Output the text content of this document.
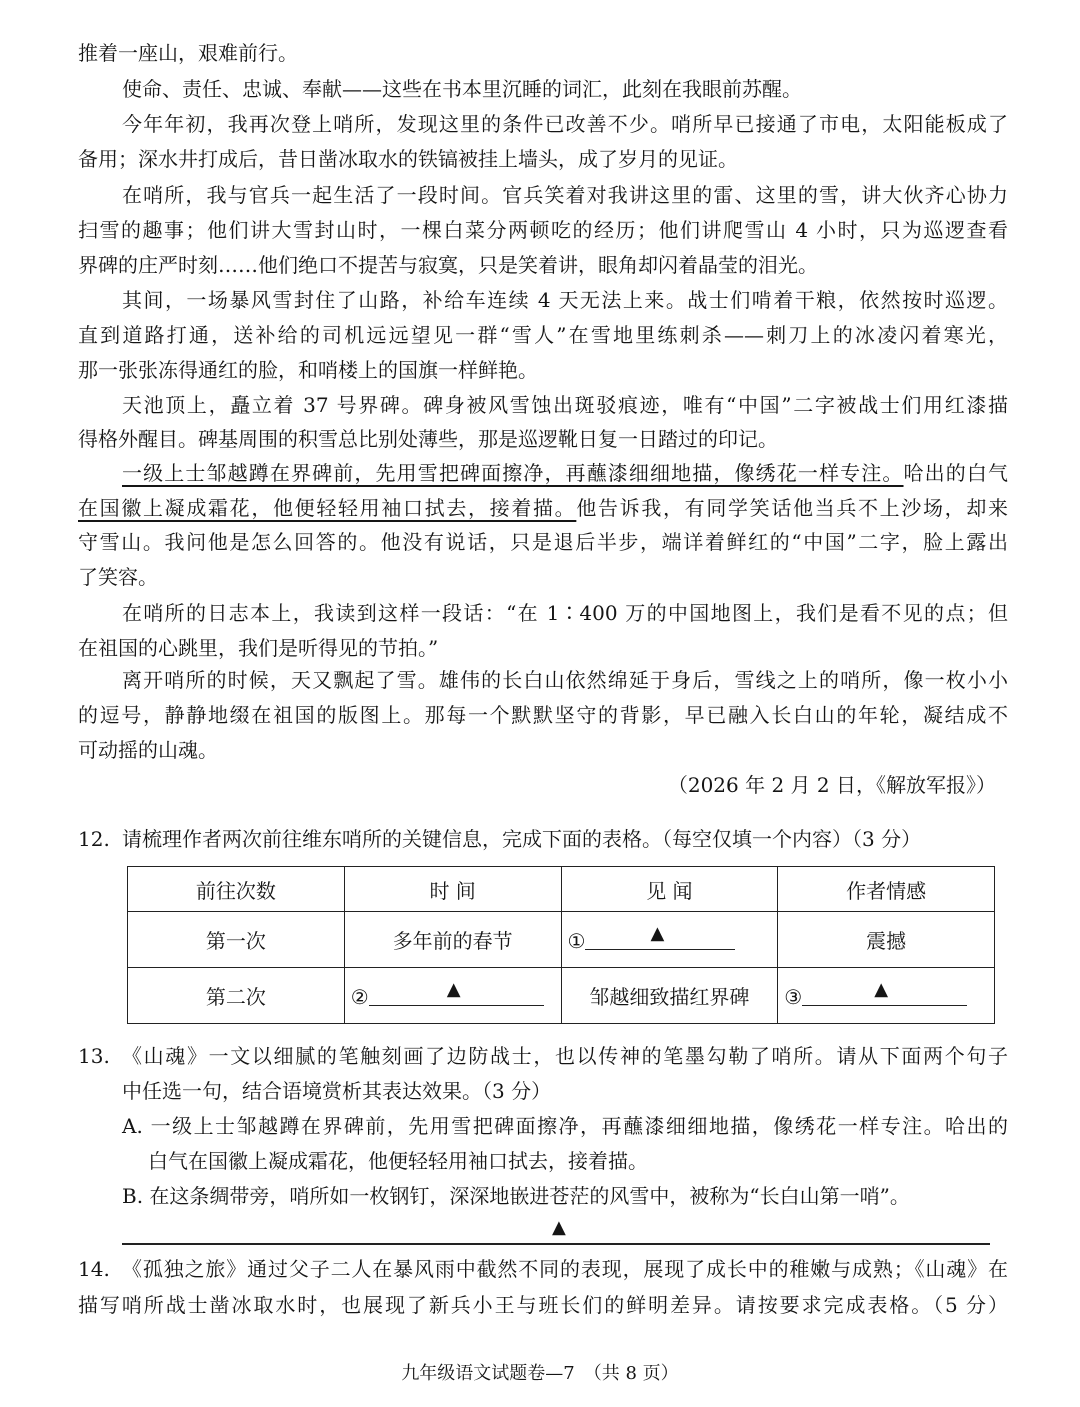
推着一座山，艰难前行。
使命、责任、忠诚、奉献——这些在书本里沉睡的词汇，此刻在我眼前苏醒。
今年年初，我再次登上哨所，发现这里的条件已改善不少。哨所早已接通了市电，太阳能板成了
备用；深水井打成后，昔日凿冰取水的铁镐被挂上墙头，成了岁月的见证。
在哨所，我与官兵一起生活了一段时间。官兵笑着对我讲这里的雷、这里的雪，讲大伙齐心协力
扫雪的趣事；他们讲大雪封山时，一棵白菜分两顿吃的经历；他们讲爬雪山 4 小时，只为巡逻查看
界碑的庄严时刻……他们绝口不提苦与寂寞，只是笑着讲，眼角却闪着晶莹的泪光。
其间，一场暴风雪封住了山路，补给车连续 4 天无法上来。战士们啃着干粮，依然按时巡逻。
直到道路打通，送补给的司机远远望见一群“雪人”在雪地里练刺杀——刺刀上的冰凌闪着寒光，
那一张张冻得通红的脸，和哨楼上的国旗一样鲜艳。
天池顶上，矗立着 37 号界碑。碑身被风雪蚀出斑驳痕迹，唯有“中国”二字被战士们用红漆描
得格外醒目。碑基周围的积雪总比别处薄些，那是巡逻靴日复一日踏过的印记。
一级上士邹越蹲在界碑前，先用雪把碑面擦净，再蘸漆细细地描，像绣花一样专注。哈出的白气
在国徽上凝成霜花，他便轻轻用袖口拭去，接着描。他告诉我，有同学笑话他当兵不上沙场，却来
守雪山。我问他是怎么回答的。他没有说话，只是退后半步，端详着鲜红的“中国”二字，脸上露出
了笑容。
在哨所的日志本上，我读到这样一段话：“在 1∶400 万的中国地图上，我们是看不见的点；但
在祖国的心跳里，我们是听得见的节拍。”
离开哨所的时候，天又飘起了雪。雄伟的长白山依然绵延于身后，雪线之上的哨所，像一枚小小
的逗号，静静地缀在祖国的版图上。那每一个默默坚守的背影，早已融入长白山的年轮，凝结成不
可动摇的山魂。
（2026 年 2 月 2 日，《解放军报》）
12. 请梳理作者两次前往维东哨所的关键信息，完成下面的表格。（每空仅填一个内容）（3 分）
前往次数	时 间	见 闻	作者情感
第一次	多年前的春节	① ▲	震撼
第二次	② ▲	邹越细致描红界碑	③ ▲
13. 《山魂》一文以细腻的笔触刻画了边防战士，也以传神的笔墨勾勒了哨所。请从下面两个句子
中任选一句，结合语境赏析其表达效果。（3 分）
A. 一级上士邹越蹲在界碑前，先用雪把碑面擦净，再蘸漆细细地描，像绣花一样专注。哈出的
白气在国徽上凝成霜花，他便轻轻用袖口拭去，接着描。
B. 在这条绸带旁，哨所如一枚钢钉，深深地嵌进苍茫的风雪中，被称为“长白山第一哨”。
▲
14. 《孤独之旅》通过父子二人在暴风雨中截然不同的表现，展现了成长中的稚嫩与成熟；《山魂》在
描写哨所战士凿冰取水时，也展现了新兵小王与班长们的鲜明差异。请按要求完成表格。（5 分）
九年级语文试题卷—7　（共 8 页）
